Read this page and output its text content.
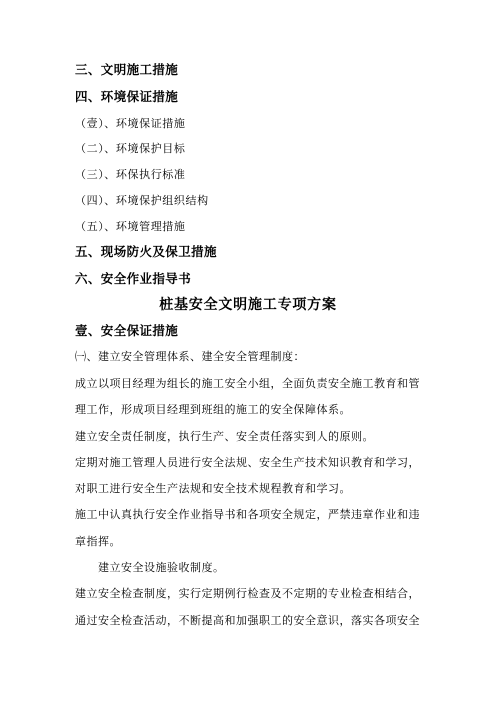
三、文明施工措施
四、环境保证措施
（壹）、环境保证措施
（二）、环境保护目标
（三）、环保执行标准
（四）、环境保护组织结构
（五）、环境管理措施
五、现场防火及保卫措施
六、安全作业指导书
桩基安全文明施工专项方案
壹、安全保证措施
㈠、建立安全管理体系、建全安全管理制度：
成立以项目经理为组长的施工安全小组，全面负责安全施工教育和管
理工作，形成项目经理到班组的施工的安全保障体系。
建立安全责任制度，执行生产、安全责任落实到人的原则。
定期对施工管理人员进行安全法规、安全生产技术知识教育和学习，
对职工进行安全生产法规和安全技术规程教育和学习。
施工中认真执行安全作业指导书和各项安全规定，严禁违章作业和违
章指挥。
建立安全设施验收制度。
建立安全检查制度，实行定期例行检查及不定期的专业检查相结合，
通过安全检查活动，不断提高和加强职工的安全意识，落实各项安全
